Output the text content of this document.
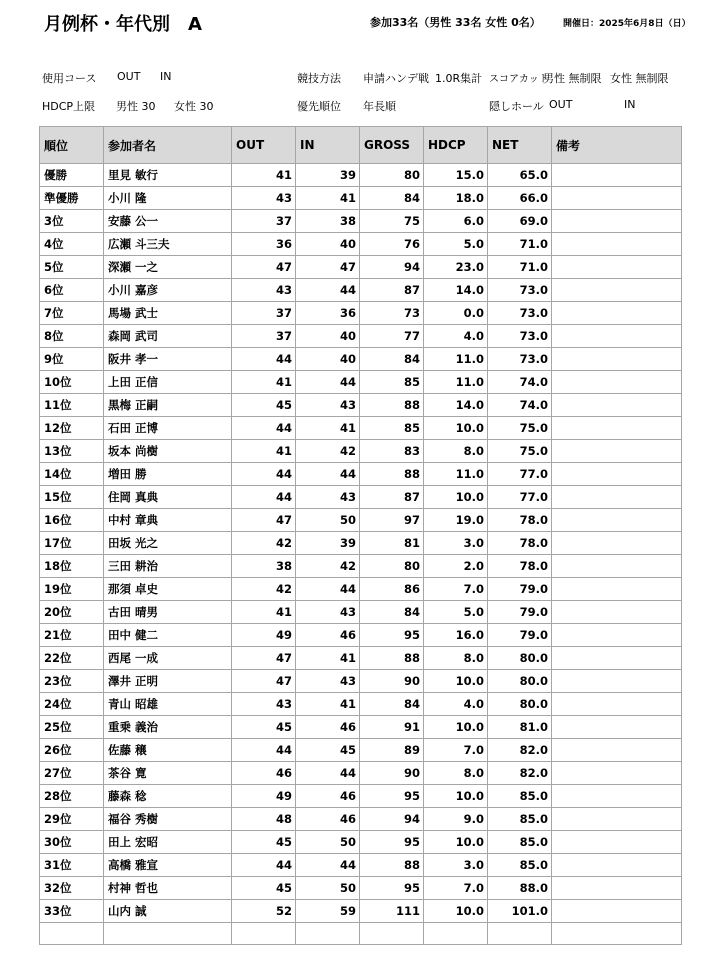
月例杯・年代別　A	参加33名（男性 33名 女性 0名） 開催日：2025年6月8日（日）
使用コース OUT IN	競技方法 申請ハンデ戦 1.0R集計 スコアカット
男性 無制限 女性 無制限
HDCP上限 男性 30 女性 30	優先順位 年長順	隠しホール OUT	IN
順位	参加者名	OUT	IN	GROSS	HDCP	NET	備考
優勝	里見 敏行	41	39	80	15.0	65.0	
準優勝	小川 隆	43	41	84	18.0	66.0	
3位	安藤 公一	37	38	75	6.0	69.0	
4位	広瀬 斗三夫	36	40	76	5.0	71.0	
5位	深瀬 一之	47	47	94	23.0	71.0	
6位	小川 嘉彦	43	44	87	14.0	73.0	
7位	馬場 武士	37	36	73	0.0	73.0	
8位	森岡 武司	37	40	77	4.0	73.0	
9位	阪井 孝一	44	40	84	11.0	73.0	
10位	上田 正信	41	44	85	11.0	74.0	
11位	黒梅 正嗣	45	43	88	14.0	74.0	
12位	石田 正博	44	41	85	10.0	75.0	
13位	坂本 尚樹	41	42	83	8.0	75.0	
14位	増田 勝	44	44	88	11.0	77.0	
15位	住岡 真典	44	43	87	10.0	77.0	
16位	中村 章典	47	50	97	19.0	78.0	
17位	田坂 光之	42	39	81	3.0	78.0	
18位	三田 耕治	38	42	80	2.0	78.0	
19位	那須 卓史	42	44	86	7.0	79.0	
20位	古田 晴男	41	43	84	5.0	79.0	
21位	田中 健二	49	46	95	16.0	79.0	
22位	西尾 一成	47	41	88	8.0	80.0	
23位	澤井 正明	47	43	90	10.0	80.0	
24位	青山 昭雄	43	41	84	4.0	80.0	
25位	重乗 義治	45	46	91	10.0	81.0	
26位	佐藤 穣	44	45	89	7.0	82.0	
27位	茶谷 寛	46	44	90	8.0	82.0	
28位	藤森 稔	49	46	95	10.0	85.0	
29位	福谷 秀樹	48	46	94	9.0	85.0	
30位	田上 宏昭	45	50	95	10.0	85.0	
31位	高橋 雅宣	44	44	88	3.0	85.0	
32位	村神 哲也	45	50	95	7.0	88.0	
33位	山内 誠	52	59	111	10.0	101.0	
